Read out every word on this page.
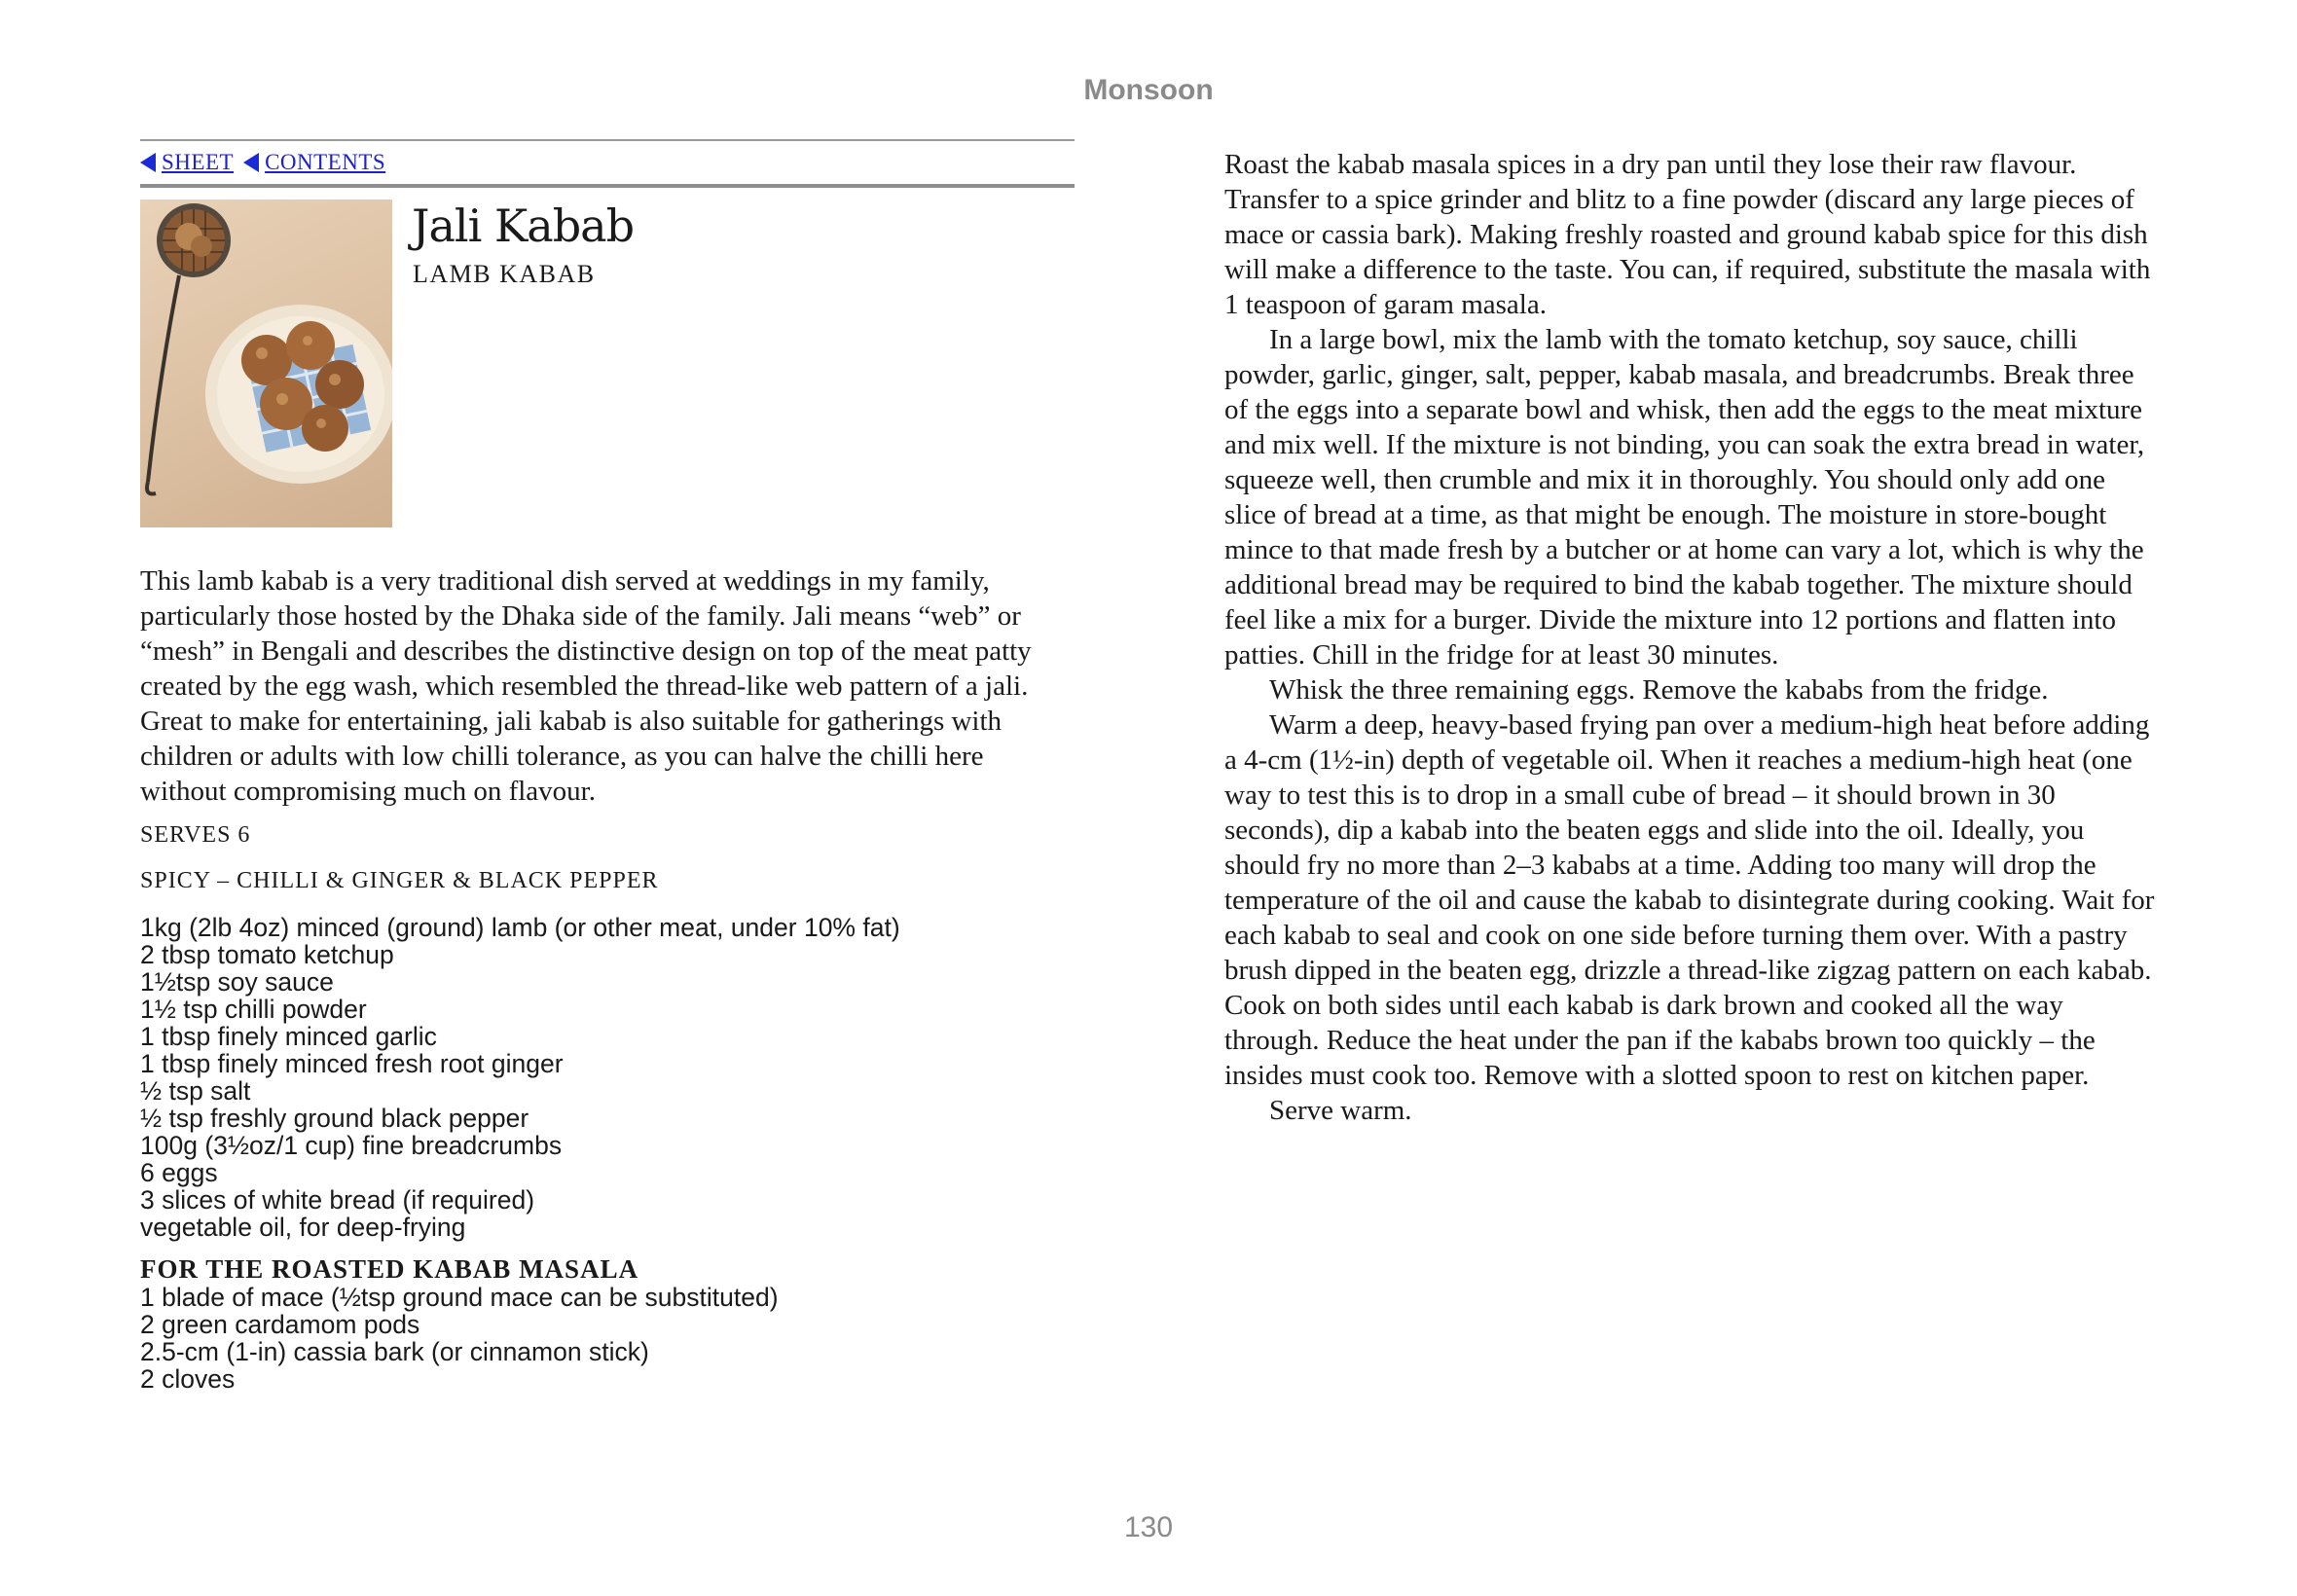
Monsoon
SHEET CONTENTS
Jali Kabab
LAMB KABAB
This lamb kabab is a very traditional dish served at weddings in my family, particularly those hosted by the Dhaka side of the family. Jali means “web” or “mesh” in Bengali and describes the distinctive design on top of the meat patty created by the egg wash, which resembled the thread-like web pattern of a jali. Great to make for entertaining, jali kabab is also suitable for gatherings with children or adults with low chilli tolerance, as you can halve the chilli here without compromising much on flavour.
SERVES 6
SPICY – CHILLI & GINGER & BLACK PEPPER
1kg (2lb 4oz) minced (ground) lamb (or other meat, under 10% fat)
2 tbsp tomato ketchup
1½tsp soy sauce
1½ tsp chilli powder
1 tbsp finely minced garlic
1 tbsp finely minced fresh root ginger
½ tsp salt
½ tsp freshly ground black pepper
100g (3½oz/1 cup) fine breadcrumbs
6 eggs
3 slices of white bread (if required)
vegetable oil, for deep-frying
FOR THE ROASTED KABAB MASALA
1 blade of mace (½tsp ground mace can be substituted)
2 green cardamom pods
2.5-cm (1-in) cassia bark (or cinnamon stick)
2 cloves

Roast the kabab masala spices in a dry pan until they lose their raw flavour. Transfer to a spice grinder and blitz to a fine powder (discard any large pieces of mace or cassia bark). Making freshly roasted and ground kabab spice for this dish will make a difference to the taste. You can, if required, substitute the masala with 1 teaspoon of garam masala.

In a large bowl, mix the lamb with the tomato ketchup, soy sauce, chilli powder, garlic, ginger, salt, pepper, kabab masala, and breadcrumbs. Break three of the eggs into a separate bowl and whisk, then add the eggs to the meat mixture and mix well. If the mixture is not binding, you can soak the extra bread in water, squeeze well, then crumble and mix it in thoroughly. You should only add one slice of bread at a time, as that might be enough. The moisture in store-bought mince to that made fresh by a butcher or at home can vary a lot, which is why the additional bread may be required to bind the kabab together. The mixture should feel like a mix for a burger. Divide the mixture into 12 portions and flatten into patties. Chill in the fridge for at least 30 minutes.

Whisk the three remaining eggs. Remove the kababs from the fridge.

Warm a deep, heavy-based frying pan over a medium-high heat before adding a 4-cm (1½-in) depth of vegetable oil. When it reaches a medium-high heat (one way to test this is to drop in a small cube of bread – it should brown in 30 seconds), dip a kabab into the beaten eggs and slide into the oil. Ideally, you should fry no more than 2–3 kababs at a time. Adding too many will drop the temperature of the oil and cause the kabab to disintegrate during cooking. Wait for each kabab to seal and cook on one side before turning them over. With a pastry brush dipped in the beaten egg, drizzle a thread-like zigzag pattern on each kabab. Cook on both sides until each kabab is dark brown and cooked all the way through. Reduce the heat under the pan if the kababs brown too quickly – the insides must cook too. Remove with a slotted spoon to rest on kitchen paper.

Serve warm.

130
